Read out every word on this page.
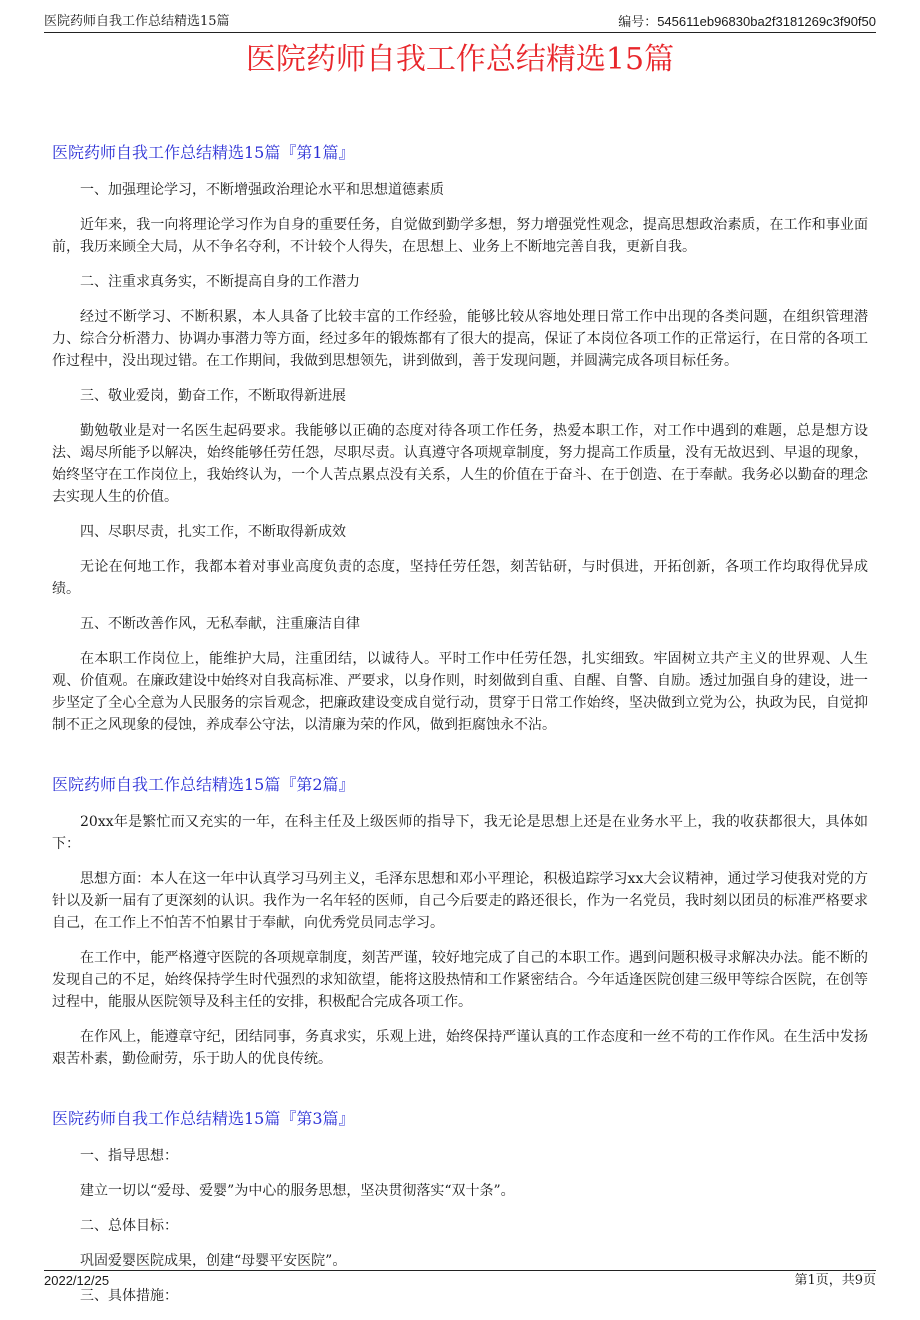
医院药师自我工作总结精选15篇	编号：545611eb96830ba2f3181269c3f90f50
医院药师自我工作总结精选15篇
医院药师自我工作总结精选15篇『第1篇』

一、加强理论学习，不断增强政治理论水平和思想道德素质

近年来，我一向将理论学习作为自身的重要任务，自觉做到勤学多想，努力增强党性观念，提高思想政治素质，在工作和事业面前，我历来顾全大局，从不争名夺利，不计较个人得失，在思想上、业务上不断地完善自我，更新自我。

二、注重求真务实，不断提高自身的工作潜力

经过不断学习、不断积累，本人具备了比较丰富的工作经验，能够比较从容地处理日常工作中出现的各类问题，在组织管理潜力、综合分析潜力、协调办事潜力等方面，经过多年的锻炼都有了很大的提高，保证了本岗位各项工作的正常运行，在日常的各项工作过程中，没出现过错。在工作期间，我做到思想领先，讲到做到，善于发现问题，并圆满完成各项目标任务。

三、敬业爱岗，勤奋工作，不断取得新进展

勤勉敬业是对一名医生起码要求。我能够以正确的态度对待各项工作任务，热爱本职工作，对工作中遇到的难题，总是想方设法、竭尽所能予以解决，始终能够任劳任怨，尽职尽责。认真遵守各项规章制度，努力提高工作质量，没有无故迟到、早退的现象，始终坚守在工作岗位上，我始终认为，一个人苦点累点没有关系，人生的价值在于奋斗、在于创造、在于奉献。我务必以勤奋的理念去实现人生的价值。

四、尽职尽责，扎实工作，不断取得新成效

无论在何地工作，我都本着对事业高度负责的态度，坚持任劳任怨，刻苦钻研，与时俱进，开拓创新，各项工作均取得优异成绩。

五、不断改善作风，无私奉献，注重廉洁自律

在本职工作岗位上，能维护大局，注重团结，以诚待人。平时工作中任劳任怨，扎实细致。牢固树立共产主义的世界观、人生观、价值观。在廉政建设中始终对自我高标准、严要求，以身作则，时刻做到自重、自醒、自警、自励。透过加强自身的建设，进一步坚定了全心全意为人民服务的宗旨观念，把廉政建设变成自觉行动，贯穿于日常工作始终，坚决做到立党为公，执政为民，自觉抑制不正之风现象的侵蚀，养成奉公守法，以清廉为荣的作风，做到拒腐蚀永不沾。

医院药师自我工作总结精选15篇『第2篇』

20xx年是繁忙而又充实的一年，在科主任及上级医师的指导下，我无论是思想上还是在业务水平上，我的收获都很大，具体如下：

思想方面：本人在这一年中认真学习马列主义，毛泽东思想和邓小平理论，积极追踪学习xx大会议精神，通过学习使我对党的方针以及新一届有了更深刻的认识。我作为一名年轻的医师，自己今后要走的路还很长，作为一名党员，我时刻以团员的标准严格要求自己，在工作上不怕苦不怕累甘于奉献，向优秀党员同志学习。

在工作中，能严格遵守医院的各项规章制度，刻苦严谨，较好地完成了自己的本职工作。遇到问题积极寻求解决办法。能不断的发现自己的不足，始终保持学生时代强烈的求知欲望，能将这股热情和工作紧密结合。今年适逢医院创建三级甲等综合医院，在创等过程中，能服从医院领导及科主任的安排，积极配合完成各项工作。

在作风上，能遵章守纪，团结同事，务真求实，乐观上进，始终保持严谨认真的工作态度和一丝不苟的工作作风。在生活中发扬艰苦朴素，勤俭耐劳，乐于助人的优良传统。

医院药师自我工作总结精选15篇『第3篇』

一、指导思想：

建立一切以“爱母、爱婴”为中心的服务思想，坚决贯彻落实“双十条”。

二、总体目标：

巩固爱婴医院成果，创建“母婴平安医院”。

三、具体措施：

2022/12/25	第1页，共9页
